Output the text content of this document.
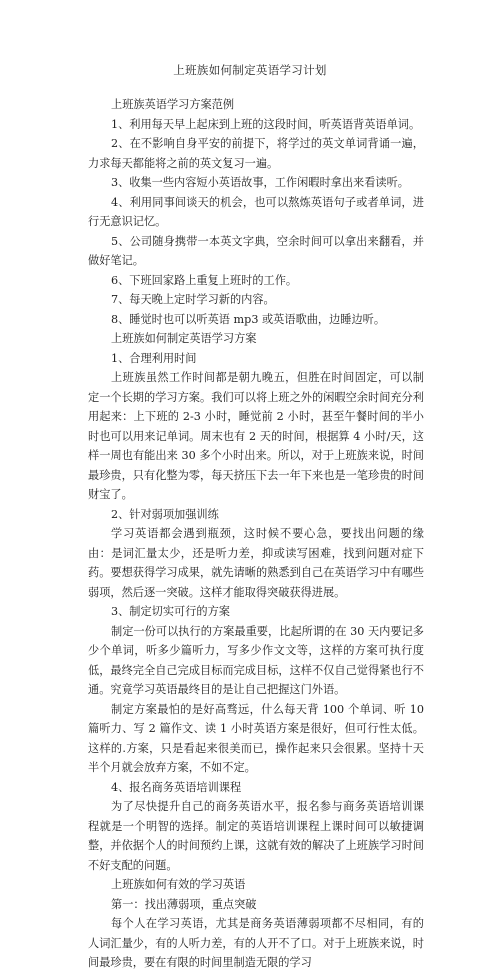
上班族如何制定英语学习计划

上班族英语学习方案范例

1、利用每天早上起床到上班的这段时间，听英语背英语单词。

2、在不影响自身平安的前提下，将学过的英文单词背诵一遍，力求每天都能将之前的英文复习一遍。

3、收集一些内容短小英语故事，工作闲暇时拿出来看读听。

4、利用同事间谈天的机会，也可以熬炼英语句子或者单词，进行无意识记忆。

5、公司随身携带一本英文字典，空余时间可以拿出来翻看，并做好笔记。

6、下班回家路上重复上班时的工作。

7、每天晚上定时学习新的内容。

8、睡觉时也可以听英语 mp3 或英语歌曲，边睡边听。

上班族如何制定英语学习方案

1、合理利用时间

上班族虽然工作时间都是朝九晚五，但胜在时间固定，可以制定一个长期的学习方案。我们可以将上班之外的闲暇空余时间充分利用起来：上下班的 2-3 小时，睡觉前 2 小时，甚至午餐时间的半小时也可以用来记单词。周末也有 2 天的时间，根据算 4 小时/天，这样一周也有能出来 30 多个小时出来。所以，对于上班族来说，时间最珍贵，只有化整为零，每天挤压下去一年下来也是一笔珍贵的时间财宝了。

2、针对弱项加强训练

学习英语都会遇到瓶颈，这时候不要心急，要找出问题的缘由：是词汇量太少，还是听力差，抑或读写困难，找到问题对症下药。要想获得学习成果，就先请晰的熟悉到自己在英语学习中有哪些弱项，然后逐一突破。这样才能取得突破获得进展。

3、制定切实可行的方案

制定一份可以执行的方案最重要，比起所谓的在 30 天内要记多少个单词，听多少篇听力，写多少作文文等，这样的方案可执行度低，最终完全自己完成目标而完成目标，这样不仅自己觉得紧也行不通。究竟学习英语最终目的是让自己把握这门外语。

制定方案最怕的是好高骛远，什么每天背 100 个单词、听 10 篇听力、写 2 篇作文、读 1 小时英语方案是很好，但可行性太低。这样的.方案，只是看起来很美而已，操作起来只会很累。坚持十天半个月就会放弃方案，不如不定。

4、报名商务英语培训课程

为了尽快提升自己的商务英语水平，报名参与商务英语培训课程就是一个明智的选择。制定的英语培训课程上课时间可以敏捷调整，并依据个人的时间预约上课，这就有效的解决了上班族学习时间不好支配的问题。

上班族如何有效的学习英语

第一：找出薄弱项，重点突破

每个人在学习英语，尤其是商务英语薄弱项都不尽相同，有的人词汇量少，有的人听力差，有的人开不了口。对于上班族来说，时间最珍贵，要在有限的时间里制造无限的学习
